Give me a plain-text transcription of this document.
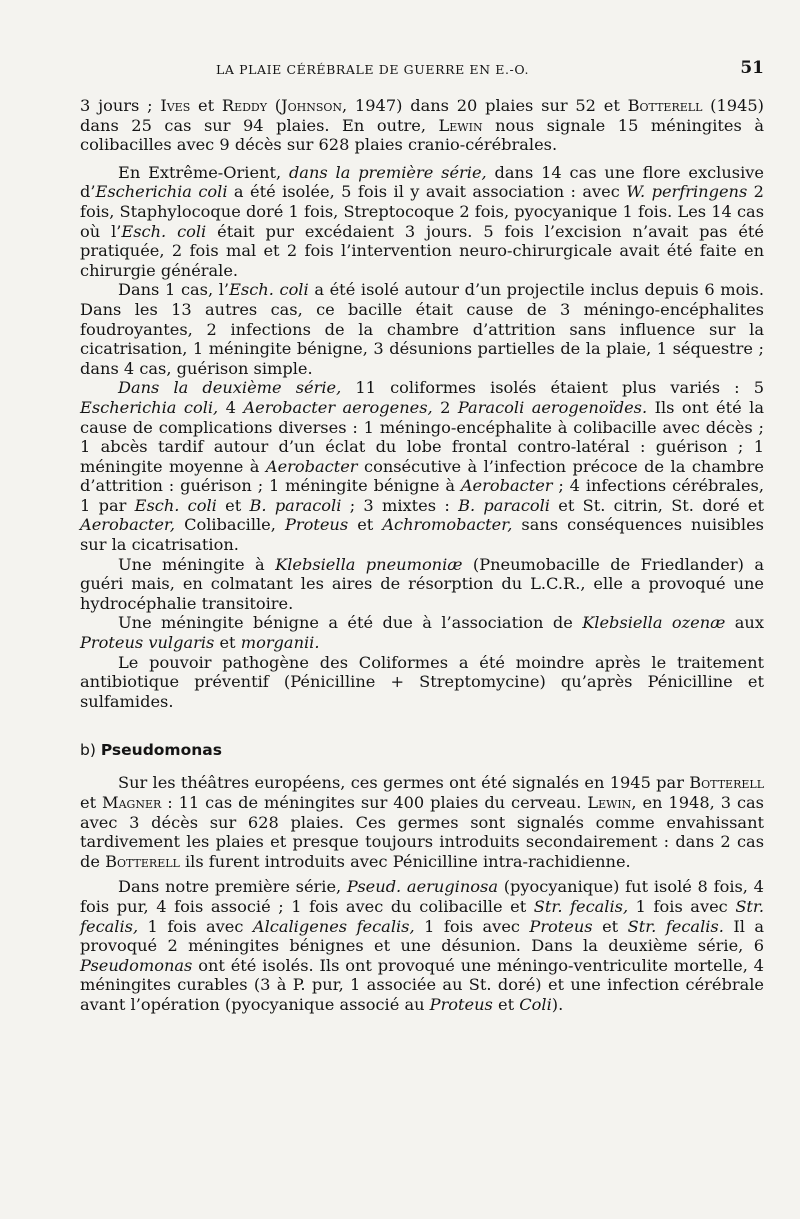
LA PLAIE CÉRÉBRALE DE GUERRE EN E.-O.	51

3 jours ; Ives et Reddy (Johnson, 1947) dans 20 plaies sur 52 et Botterell (1945) dans 25 cas sur 94 plaies. En outre, Lewin nous signale 15 méningites à colibacilles avec 9 décès sur 628 plaies cranio-cérébrales.

En Extrême-Orient, dans la première série, dans 14 cas une flore exclusive d’Escherichia coli a été isolée, 5 fois il y avait association : avec W. perfringens 2 fois, Staphylocoque doré 1 fois, Streptocoque 2 fois, pyocyanique 1 fois. Les 14 cas où l’Esch. coli était pur excédaient 3 jours. 5 fois l’excision n’avait pas été pratiquée, 2 fois mal et 2 fois l’intervention neuro-chirurgicale avait été faite en chirurgie générale.

Dans 1 cas, l’Esch. coli a été isolé autour d’un projectile inclus depuis 6 mois. Dans les 13 autres cas, ce bacille était cause de 3 méningo-encéphalites foudroyantes, 2 infections de la chambre d’attrition sans influence sur la cicatrisation, 1 méningite bénigne, 3 désunions partielles de la plaie, 1 séquestre ; dans 4 cas, guérison simple.

Dans la deuxième série, 11 coliformes isolés étaient plus variés : 5 Escherichia coli, 4 Aerobacter aerogenes, 2 Paracoli aerogenoïdes. Ils ont été la cause de complications diverses : 1 méningo-encéphalite à colibacille avec décès ; 1 abcès tardif autour d’un éclat du lobe frontal contro-latéral : guérison ; 1 méningite moyenne à Aerobacter consécutive à l’infection précoce de la chambre d’attrition : guérison ; 1 méningite bénigne à Aerobacter ; 4 infections cérébrales, 1 par Esch. coli et B. paracoli ; 3 mixtes : B. paracoli et St. citrin, St. doré et Aerobacter, Colibacille, Proteus et Achromobacter, sans conséquences nuisibles sur la cicatrisation.

Une méningite à Klebsiella pneumoniæ (Pneumobacille de Friedlander) a guéri mais, en colmatant les aires de résorption du L.C.R., elle a provoqué une hydrocéphalie transitoire.

Une méningite bénigne a été due à l’association de Klebsiella ozenæ aux Proteus vulgaris et morganii.

Le pouvoir pathogène des Coliformes a été moindre après le traitement antibiotique préventif (Pénicilline + Streptomycine) qu’après Pénicilline et sulfamides.

b) Pseudomonas

Sur les théâtres européens, ces germes ont été signalés en 1945 par Botterell et Magner : 11 cas de méningites sur 400 plaies du cerveau. Lewin, en 1948, 3 cas avec 3 décès sur 628 plaies. Ces germes sont signalés comme envahissant tardivement les plaies et presque toujours introduits secondairement : dans 2 cas de Botterell ils furent introduits avec Pénicilline intra-rachidienne.

Dans notre première série, Pseud. aeruginosa (pyocyanique) fut isolé 8 fois, 4 fois pur, 4 fois associé ; 1 fois avec du colibacille et Str. fecalis, 1 fois avec Str. fecalis, 1 fois avec Alcaligenes fecalis, 1 fois avec Proteus et Str. fecalis. Il a provoqué 2 méningites bénignes et une désunion. Dans la deuxième série, 6 Pseudomonas ont été isolés. Ils ont provoqué une méningo-ventriculite mortelle, 4 méningites curables (3 à P. pur, 1 associée au St. doré) et une infection cérébrale avant l’opération (pyocyanique associé au Proteus et Coli).
